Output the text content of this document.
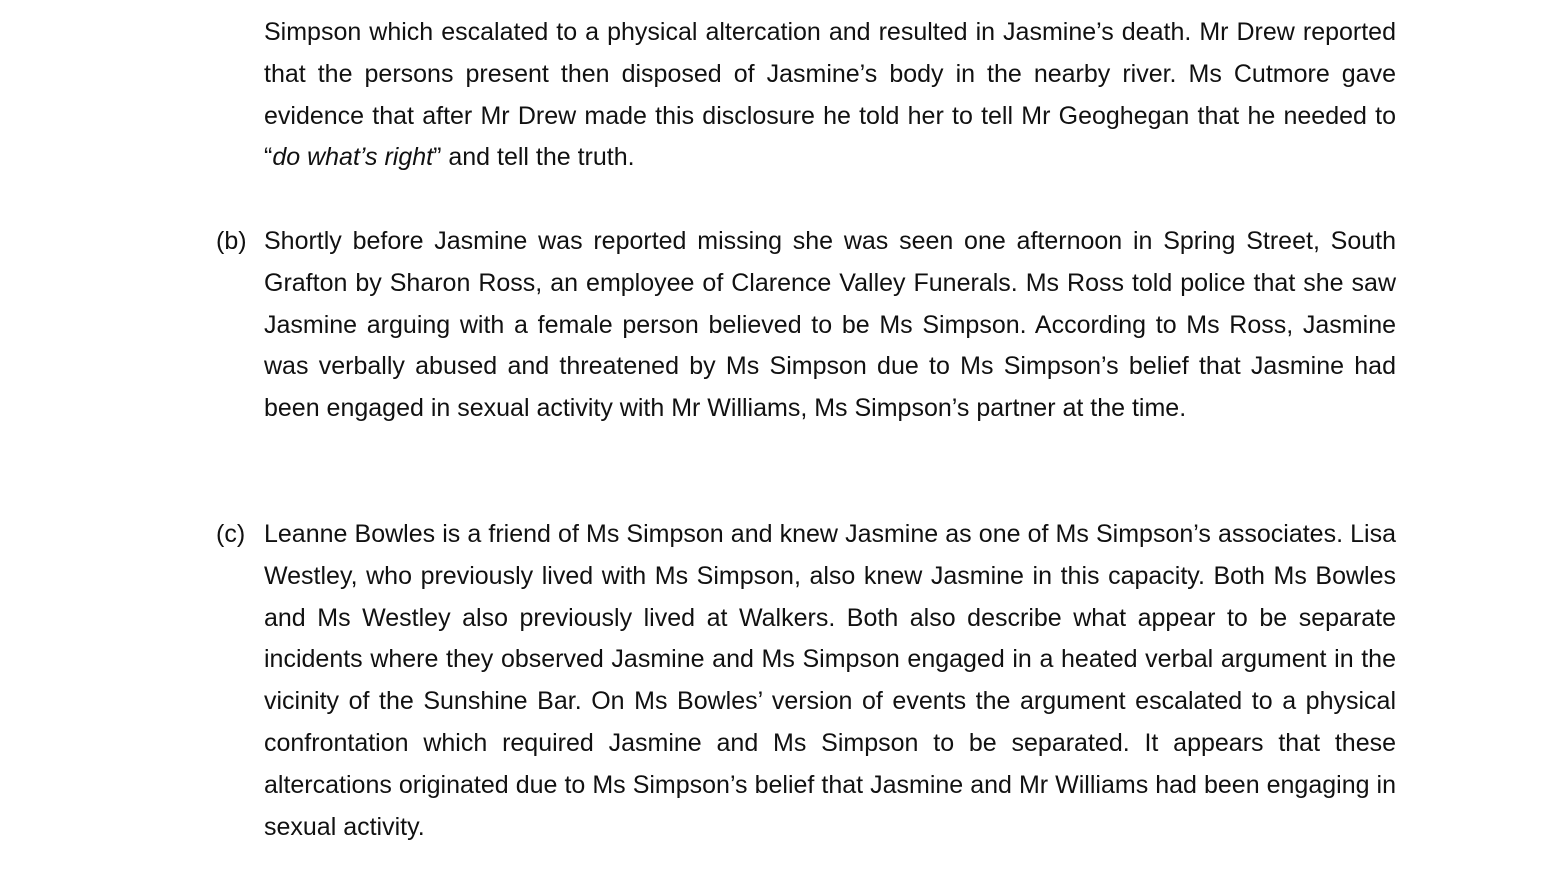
Simpson which escalated to a physical altercation and resulted in Jasmine’s death. Mr Drew reported that the persons present then disposed of Jasmine’s body in the nearby river. Ms Cutmore gave evidence that after Mr Drew made this disclosure he told her to tell Mr Geoghegan that he needed to “do what’s right” and tell the truth.

(b) Shortly before Jasmine was reported missing she was seen one afternoon in Spring Street, South Grafton by Sharon Ross, an employee of Clarence Valley Funerals. Ms Ross told police that she saw Jasmine arguing with a female person believed to be Ms Simpson. According to Ms Ross, Jasmine was verbally abused and threatened by Ms Simpson due to Ms Simpson’s belief that Jasmine had been engaged in sexual activity with Mr Williams, Ms Simpson’s partner at the time.

(c) Leanne Bowles is a friend of Ms Simpson and knew Jasmine as one of Ms Simpson’s associates. Lisa Westley, who previously lived with Ms Simpson, also knew Jasmine in this capacity. Both Ms Bowles and Ms Westley also previously lived at Walkers. Both also describe what appear to be separate incidents where they observed Jasmine and Ms Simpson engaged in a heated verbal argument in the vicinity of the Sunshine Bar. On Ms Bowles’ version of events the argument escalated to a physical confrontation which required Jasmine and Ms Simpson to be separated. It appears that these altercations originated due to Ms Simpson’s belief that Jasmine and Mr Williams had been engaging in sexual activity.
